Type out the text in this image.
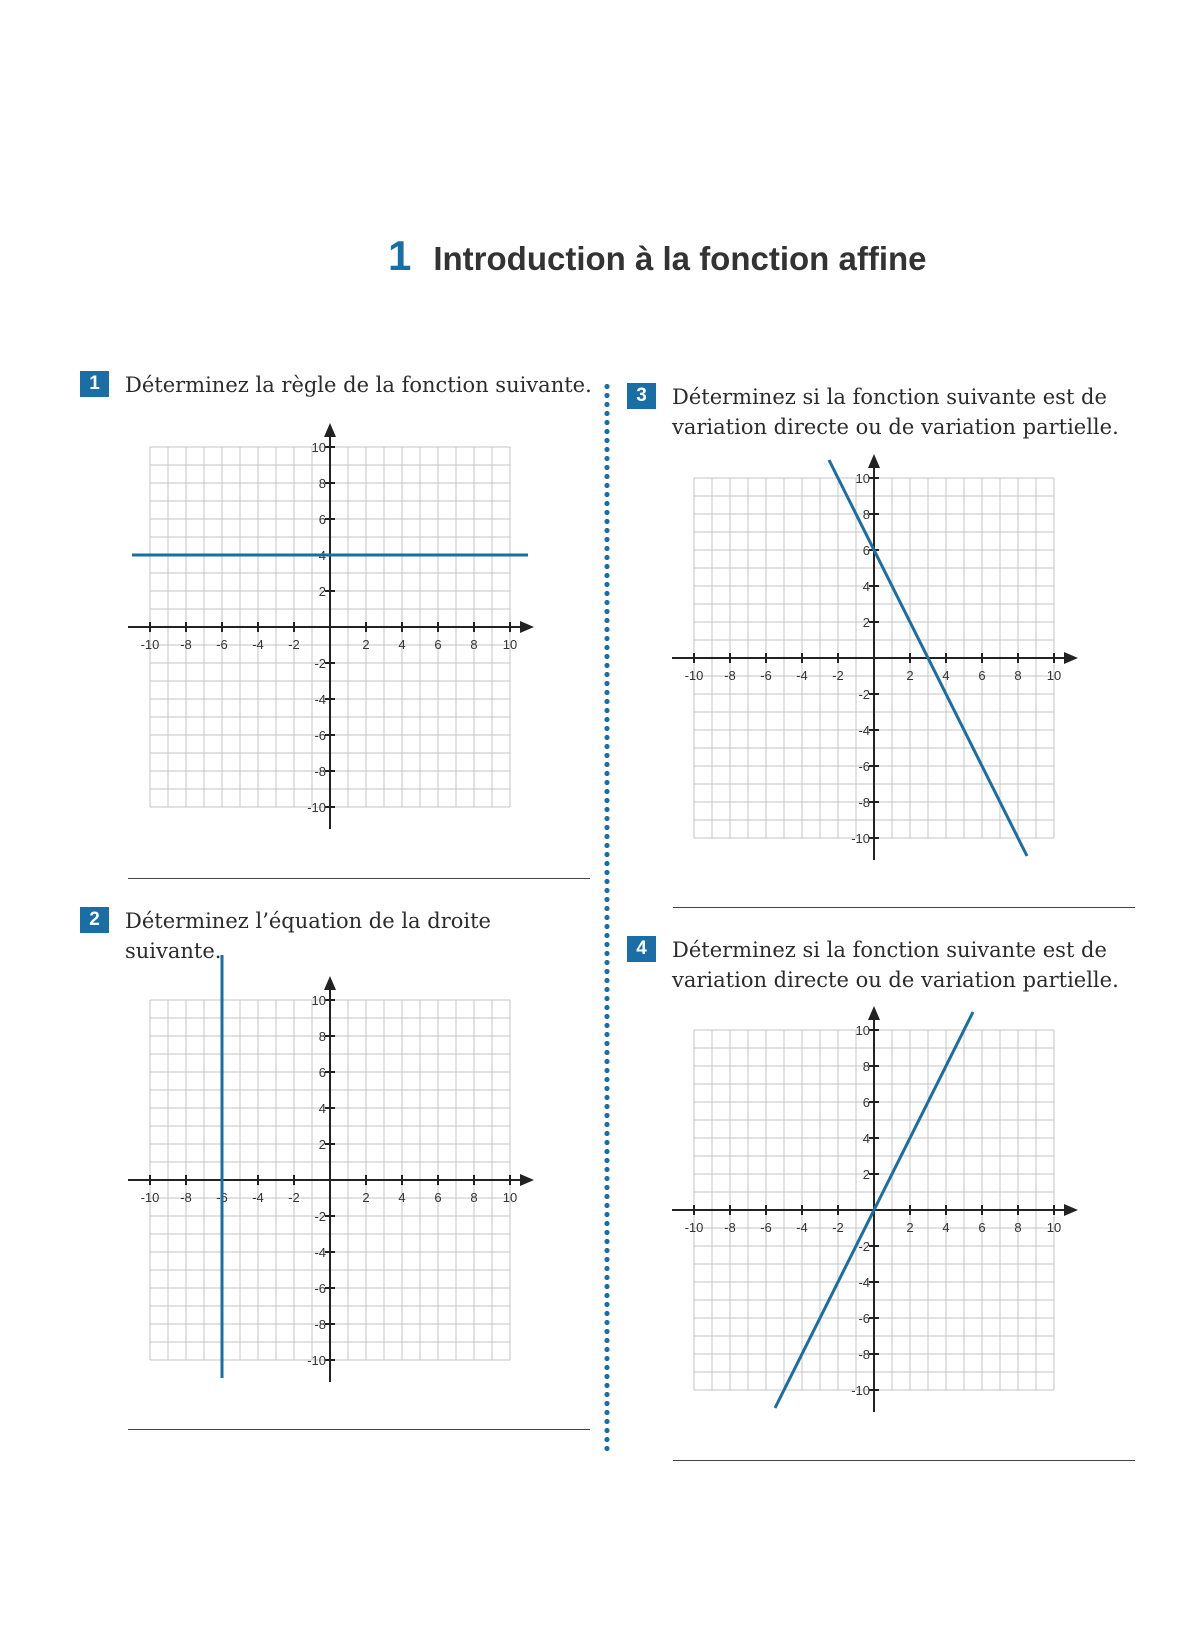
1 Introduction à la fonction affine
1	Déterminez la règle de la fonction suivante.
-10 -8 -6 -4 -2	2 4 6 8 10
10
8
6
4
2
-2
-4
-6
-8
-10
2	Déterminez l’équation de la droite suivante.
-10 -8 -6 -4 -2	2 4 6 8 10
10
8
6
4
2
-2
-4
-6
-8
-10
3	Déterminez si la fonction suivante est de variation directe ou de variation partielle.
-10 -8 -6 -4 -2	2 4 6 8 10
10
8
6
4
2
-2
-4
-6
-8
-10
4	Déterminez si la fonction suivante est de variation directe ou de variation partielle.
-10 -8 -6 -4 -2	2 4 6 8 10
10
8
6
4
2
-2
-4
-6
-8
-10
